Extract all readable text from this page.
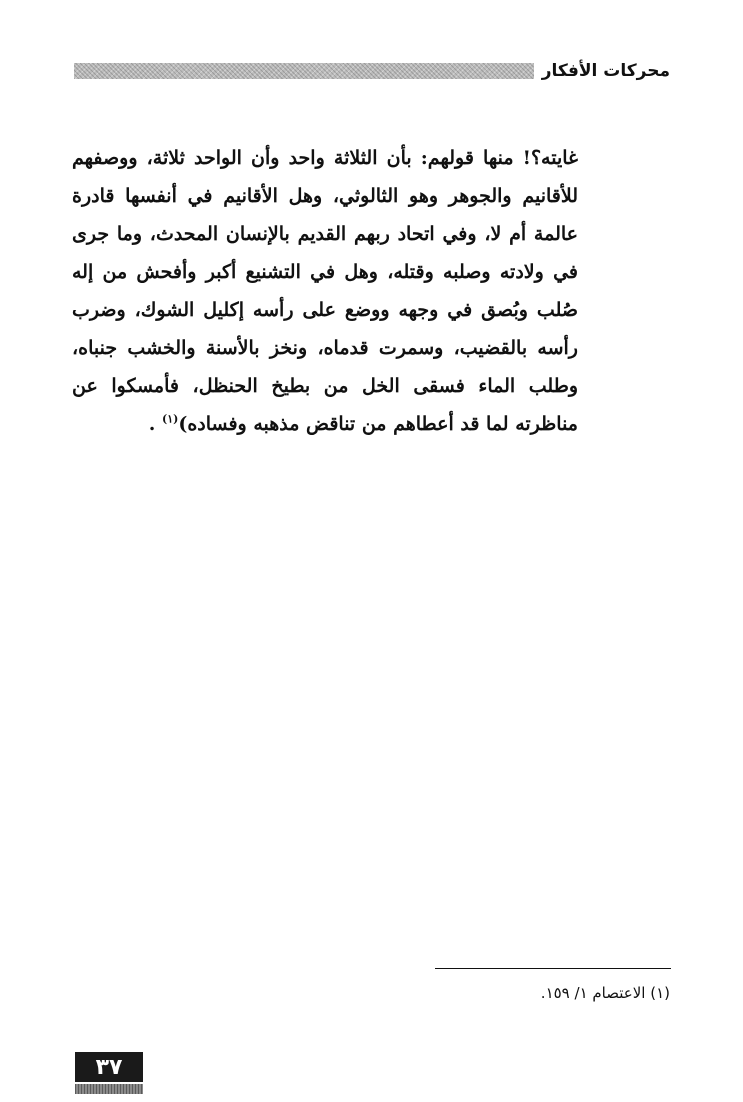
محركات الأفكار

غايته؟! منها قولهم: بأن الثلاثة واحد وأن الواحد ثلاثة، ووصفهم للأقانيم والجوهر وهو الثالوثي، وهل الأقانيم في أنفسها قادرة عالمة أم لا، وفي اتحاد ربهم القديم بالإنسان المحدث، وما جرى في ولادته وصلبه وقتله، وهل في التشنيع أكبر وأفحش من إله صُلب وبُصق في وجهه ووضع على رأسه إكليل الشوك، وضرب رأسه بالقضيب، وسمرت قدماه، ونخز بالأسنة والخشب جنباه، وطلب الماء فسقى الخل من بطيخ الحنظل، فأمسكوا عن مناظرته لما قد أعطاهم من تناقض مذهبه وفساده)$^{(١)}$ .

(١) الاعتصام ١/ ١٥٩.

٣٧
